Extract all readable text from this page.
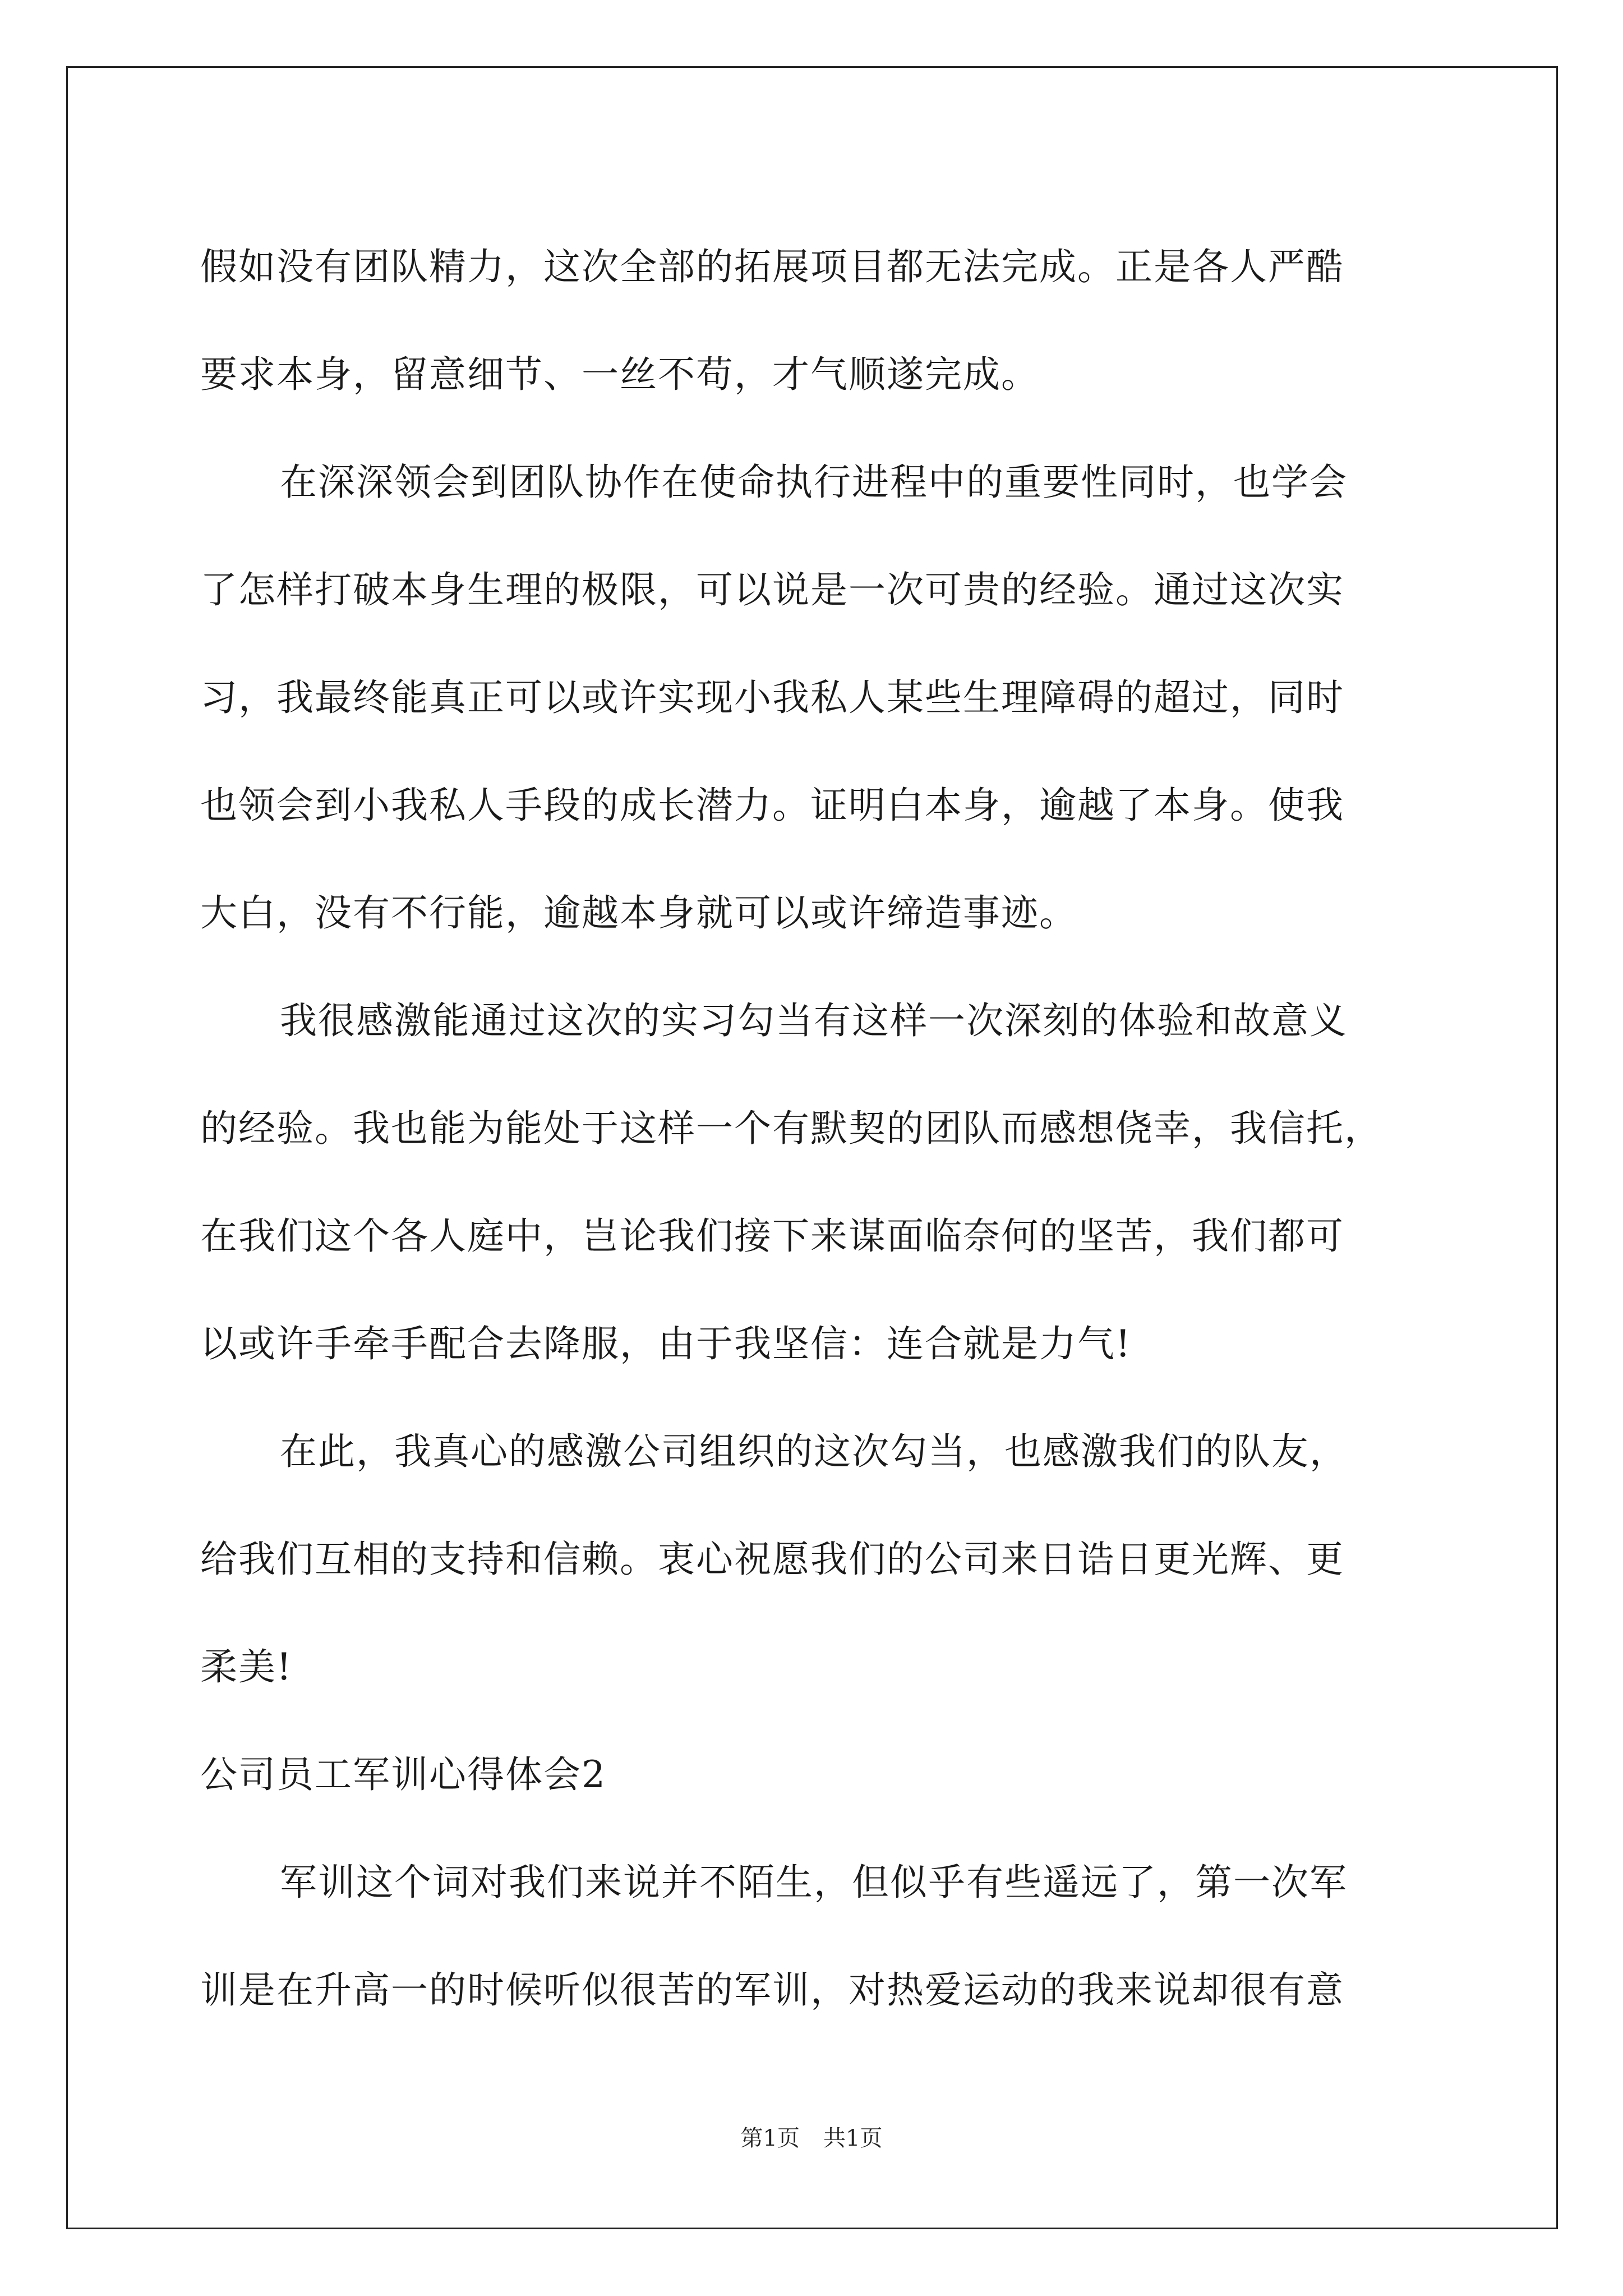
假如没有团队精力，这次全部的拓展项目都无法完成。正是各人严酷
要求本身，留意细节、一丝不苟，才气顺遂完成。
在深深领会到团队协作在使命执行进程中的重要性同时，也学会
了怎样打破本身生理的极限，可以说是一次可贵的经验。通过这次实
习，我最终能真正可以或许实现小我私人某些生理障碍的超过，同时
也领会到小我私人手段的成长潜力。证明白本身，逾越了本身。使我
大白，没有不行能，逾越本身就可以或许缔造事迹。
我很感激能通过这次的实习勾当有这样一次深刻的体验和故意义
的经验。我也能为能处于这样一个有默契的团队而感想侥幸，我信托，
在我们这个各人庭中，岂论我们接下来谋面临奈何的坚苦，我们都可
以或许手牵手配合去降服，由于我坚信：连合就是力气!
在此，我真心的感激公司组织的这次勾当，也感激我们的队友，
给我们互相的支持和信赖。衷心祝愿我们的公司来日诰日更光辉、更
柔美!
公司员工军训心得体会2
军训这个词对我们来说并不陌生，但似乎有些遥远了，第一次军
训是在升高一的时候听似很苦的军训，对热爱运动的我来说却很有意
第1页 共1页
